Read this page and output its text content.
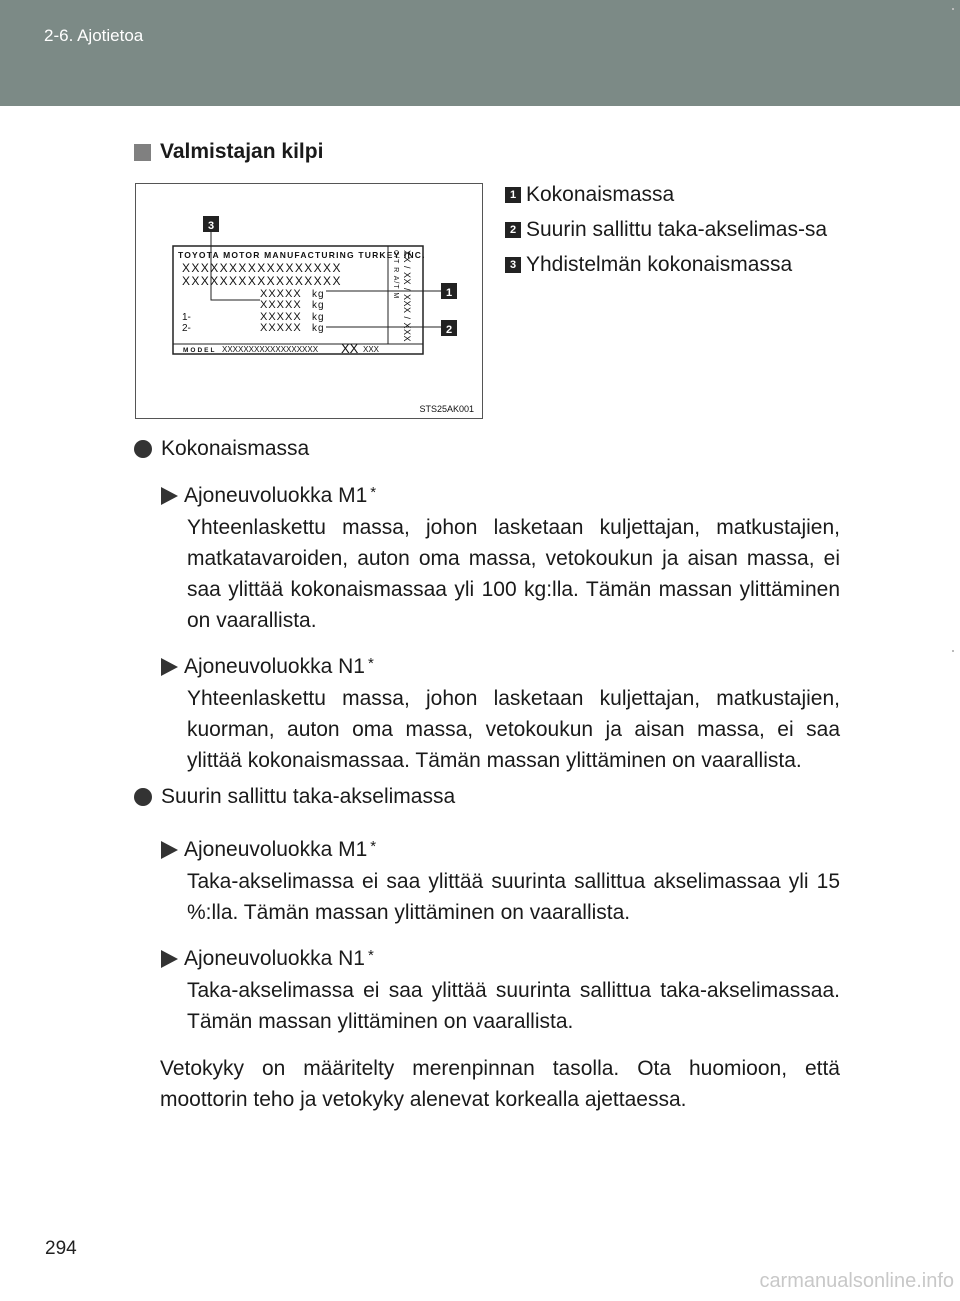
2-6. Ajotietoa
Valmistajan kilpi
TOYOTA MOTOR MANUFACTURING TURKEY INC.
XXXXXXXXXXXXXXXXX
XXXXXXXXXXXXXXXXX
XXXXX kg
XXXXX kg
1-	XXXXX kg
2-	XXXXX kg
C/T R A/T M XX / XX / XXX / XXX
MODEL XXXXXXXXXXXXXXXXXX XX XXX
3
1
2
STS25AK001
1 Kokonaismassa
2 Suurin sallittu taka-akselimas-sa
3 Yhdistelmän kokonaismassa
Kokonaismassa
Ajoneuvoluokka M1 *
Yhteenlaskettu massa, johon lasketaan kuljettajan, matkustajien, matkatavaroiden, auton oma massa, vetokoukun ja aisan massa, ei saa ylittää kokonaismassaa yli 100 kg:lla. Tämän massan ylittäminen on vaarallista.
Ajoneuvoluokka N1 *
Yhteenlaskettu massa, johon lasketaan kuljettajan, matkustajien, kuorman, auton oma massa, vetokoukun ja aisan massa, ei saa ylittää kokonaismassaa. Tämän massan ylittäminen on vaarallista.
Suurin sallittu taka-akselimassa
Ajoneuvoluokka M1 *
Taka-akselimassa ei saa ylittää suurinta sallittua akselimassaa yli 15 %:lla. Tämän massan ylittäminen on vaarallista.
Ajoneuvoluokka N1 *
Taka-akselimassa ei saa ylittää suurinta sallittua taka-akselimassaa. Tämän massan ylittäminen on vaarallista.
Vetokyky on määritelty merenpinnan tasolla. Ota huomioon, että moottorin teho ja vetokyky alenevat korkealla ajettaessa.
294
carmanualsonline.info
